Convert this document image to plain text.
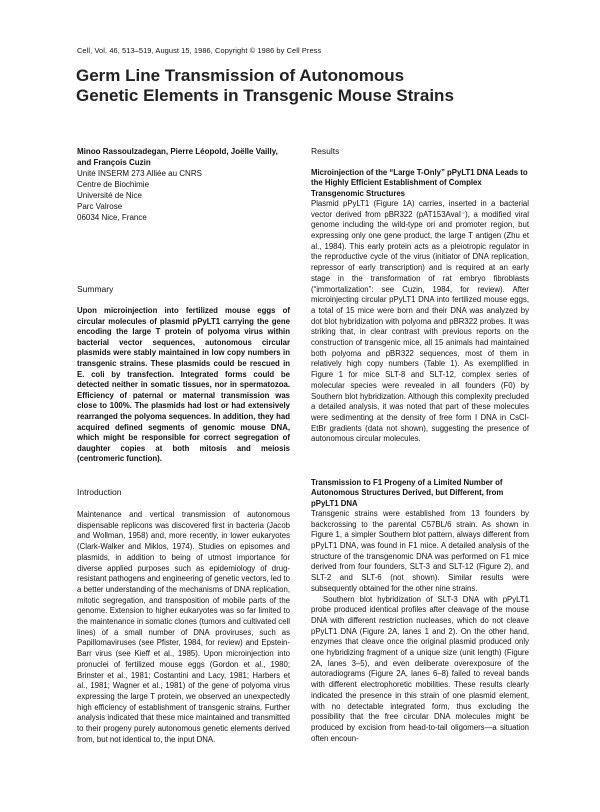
Cell, Vol. 46, 513–519, August 15, 1986, Copyright © 1986 by Cell Press
Germ Line Transmission of Autonomous
Genetic Elements in Transgenic Mouse Strains
Minoo Rassoulzadegan, Pierre Léopold, Joëlle Vailly,
and François Cuzin
Unité INSERM 273 Alliée au CNRS
Centre de Biochimie
Université de Nice
Parc Valrose
06034 Nice, France
Summary
Upon microinjection into fertilized mouse eggs of circular molecules of plasmid pPyLT1 carrying the gene encoding the large T protein of polyoma virus within bacterial vector sequences, autonomous circular plasmids were stably maintained in low copy numbers in transgenic strains. These plasmids could be rescued in E. coli by transfection. Integrated forms could be detected neither in somatic tissues, nor in spermatozoa. Efficiency of paternal or maternal transmission was close to 100%. The plasmids had lost or had extensively rearranged the polyoma sequences. In addition, they had acquired defined segments of genomic mouse DNA, which might be responsible for correct segregation of daughter copies at both mitosis and meiosis (centromeric function).
Introduction
Maintenance and vertical transmission of autonomous dispensable replicons was discovered first in bacteria (Jacob and Wollman, 1958) and, more recently, in lower eukaryotes (Clark-Walker and Miklos, 1974). Studies on episomes and plasmids, in addition to being of utmost importance for diverse applied purposes such as epidemiology of drug-resistant pathogens and engineering of genetic vectors, led to a better understanding of the mechanisms of DNA replication, mitotic segregation, and transposition of mobile parts of the genome. Extension to higher eukaryotes was so far limited to the maintenance in somatic clones (tumors and cultivated cell lines) of a small number of DNA proviruses, such as Papillomaviruses (see Pfister, 1984, for review) and Epstein-Barr virus (see Kieff et al., 1985). Upon microinjection into pronuclei of fertilized mouse eggs (Gordon et al., 1980; Brinster et al., 1981; Costantini and Lacy, 1981; Harbers et al., 1981; Wagner et al., 1981) of the gene of polyoma virus expressing the large T protein, we observed an unexpectedly high efficiency of establishment of transgenic strains. Further analysis indicated that these mice maintained and transmitted to their progeny purely autonomous genetic elements derived from, but not identical to, the input DNA.
Results
Microinjection of the “Large T-Only” pPyLT1 DNA Leads to the Highly Efficient Establishment of Complex Transgenomic Structures

Plasmid pPyLT1 (Figure 1A) carries, inserted in a bacterial vector derived from pBR322 (pAT153AvaI⁻), a modified viral genome including the wild-type ori and promoter region, but expressing only one gene product, the large T antigen (Zhu et al., 1984). This early protein acts as a pleiotropic regulator in the reproductive cycle of the virus (initiator of DNA replication, repressor of early transcription) and is required at an early stage in the transformation of rat embryo fibroblasts (“immortalization”: see Cuzin, 1984, for review). After microinjecting circular pPyLT1 DNA into fertilized mouse eggs, a total of 15 mice were born and their DNA was analyzed by dot blot hybridization with polyoma and pBR322 probes. It was striking that, in clear contrast with previous reports on the construction of transgenic mice, all 15 animals had maintained both polyoma and pBR322 sequences, most of them in relatively high copy numbers (Table 1). As exemplified in Figure 1 for mice SLT-8 and SLT-12, complex series of molecular species were revealed in all founders (F0) by Southern blot hybridization. Although this complexity precluded a detailed analysis, it was noted that part of these molecules were sedimenting at the density of free form I DNA in CsCl-EtBr gradients (data not shown), suggesting the presence of autonomous circular molecules.

Transmission to F1 Progeny of a Limited Number of Autonomous Structures Derived, but Different, from pPyLT1 DNA

Transgenic strains were established from 13 founders by backcrossing to the parental C57BL/6 strain. As shown in Figure 1, a simpler Southern blot pattern, always different from pPyLT1 DNA, was found in F1 mice. A detailed analysis of the structure of the transgenomic DNA was performed on F1 mice derived from four founders, SLT-3 and SLT-12 (Figure 2), and SLT-2 and SLT-6 (not shown). Similar results were subsequently obtained for the other nine strains.

Southern blot hybridization of SLT-3 DNA with pPyLT1 probe produced identical profiles after cleavage of the mouse DNA with different restriction nucleases, which do not cleave pPyLT1 DNA (Figure 2A, lanes 1 and 2). On the other hand, enzymes that cleave once the original plasmid produced only one hybridizing fragment of a unique size (unit length) (Figure 2A, lanes 3–5), and even deliberate overexposure of the autoradiograms (Figure 2A, lanes 6–8) failed to reveal bands with different electrophoretic mobilities. These results clearly indicated the presence in this strain of one plasmid element, with no detectable integrated form, thus excluding the possibility that the free circular DNA molecules might be produced by excision from head-to-tail oligomers—a situation often encoun-
